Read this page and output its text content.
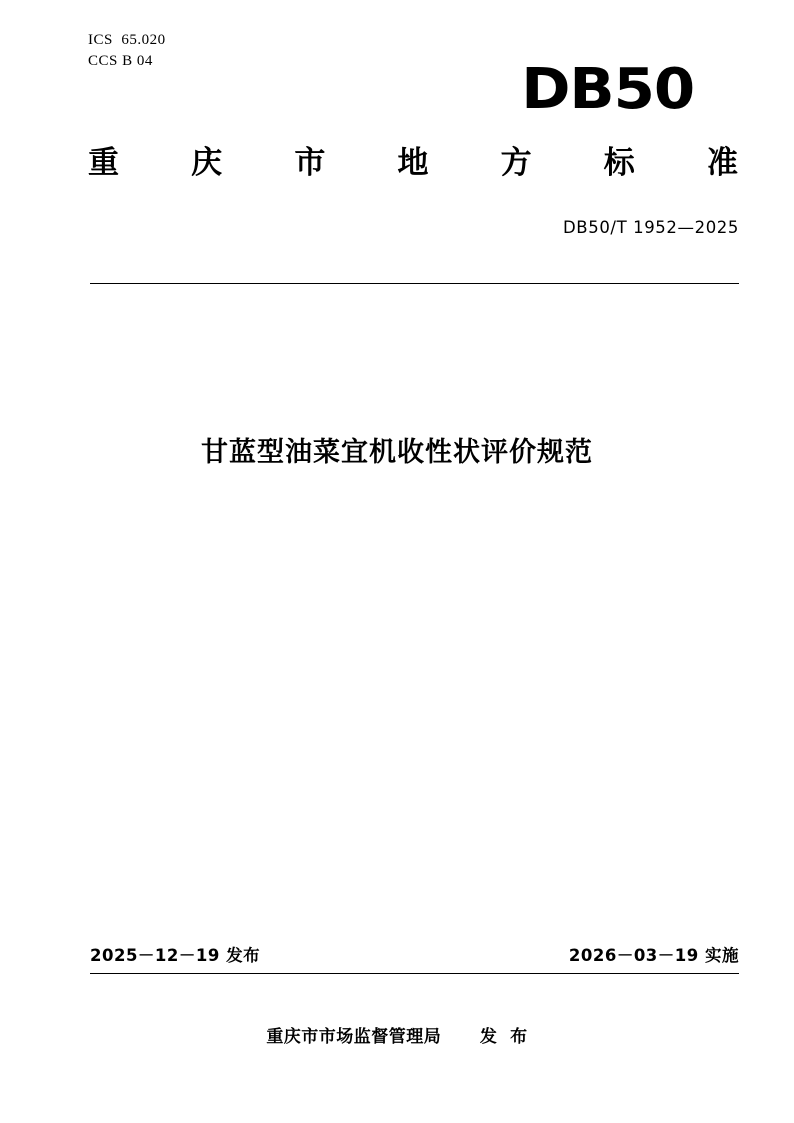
ICS  65.020
CCS B 04	DB50
重 庆 市 地 方 标 准
DB50/T 1952—2025
甘蓝型油菜宜机收性状评价规范
2025－12－19 发布	2026－03－19 实施
重庆市市场监督管理局      发  布
